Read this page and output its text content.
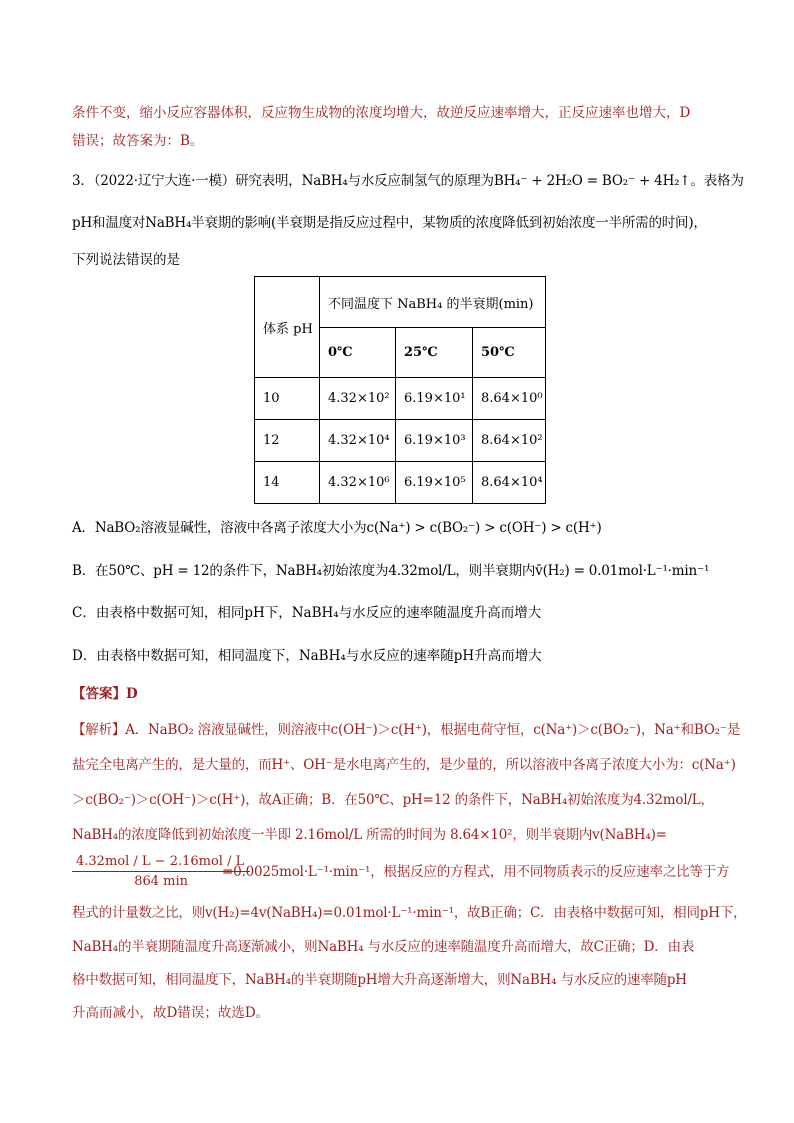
条件不变，缩小反应容器体积，反应物生成物的浓度均增大，故逆反应速率增大，正反应速率也增大，D
错误；故答案为：B。
3．（2022·辽宁大连·一模）研究表明，NaBH₄与水反应制氢气的原理为BH₄⁻ + 2H₂O = BO₂⁻ + 4H₂↑。表格为
pH和温度对NaBH₄半衰期的影响(半衰期是指反应过程中，某物质的浓度降低到初始浓度一半所需的时间)，
下列说法错误的是
体系 pH	不同温度下 NaBH₄ 的半衰期(min)		
	0℃	25℃	50℃
10	4.32×10²	6.19×10¹	8.64×10⁰
12	4.32×10⁴	6.19×10³	8.64×10²
14	4.32×10⁶	6.19×10⁵	8.64×10⁴
A．NaBO₂溶液显碱性，溶液中各离子浓度大小为c(Na⁺) > c(BO₂⁻) > c(OH⁻) > c(H⁺)
B．在50℃、pH = 12的条件下，NaBH₄初始浓度为4.32mol/L，则半衰期内v̄(H₂) = 0.01mol·L⁻¹·min⁻¹
C．由表格中数据可知，相同pH下，NaBH₄与水反应的速率随温度升高而增大
D．由表格中数据可知，相同温度下，NaBH₄与水反应的速率随pH升高而增大
【答案】D
【解析】A．NaBO₂ 溶液显碱性，则溶液中c(OH⁻)＞c(H⁺)，根据电荷守恒，c(Na⁺)＞c(BO₂⁻)，Na⁺和BO₂⁻是
盐完全电离产生的，是大量的，而H⁺、OH⁻是水电离产生的，是少量的，所以溶液中各离子浓度大小为：c(Na⁺)
＞c(BO₂⁻)＞c(OH⁻)＞c(H⁺)，故A正确；B．在50℃、pH=12 的条件下，NaBH₄初始浓度为4.32mol/L，
NaBH₄的浓度降低到初始浓度一半即 2.16mol/L 所需的时间为 8.64×10²，则半衰期内v(NaBH₄)=
4.32mol / L − 2.16mol / L
864 min
=0.0025mol·L⁻¹·min⁻¹，根据反应的方程式，用不同物质表示的反应速率之比等于方
程式的计量数之比，则v(H₂)=4v(NaBH₄)=0.01mol·L⁻¹·min⁻¹，故B正确；C．由表格中数据可知，相同pH下，
NaBH₄的半衰期随温度升高逐渐减小，则NaBH₄ 与水反应的速率随温度升高而增大，故C正确；D．由表
格中数据可知，相同温度下，NaBH₄的半衰期随pH增大升高逐渐增大，则NaBH₄ 与水反应的速率随pH
升高而减小，故D错误；故选D。
